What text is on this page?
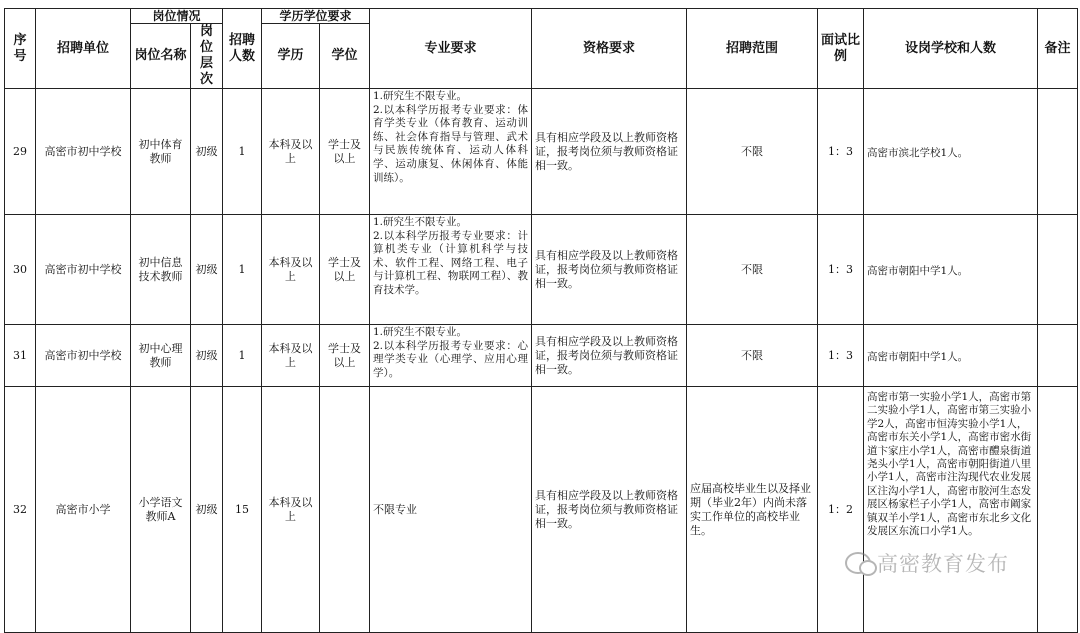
序号	招聘单位	岗位情况		招聘人数	学历学位要求		专业要求	资格要求	招聘范围	面试比例	设岗学校和人数	备注
		岗位名称	岗位层次		学历	学位						
29	高密市初中学校	初中体育教师	初级	1	本科及以上	学士及以上	1.研究生不限专业。
2.以本科学历报考专业要求：体育学类专业（体育教育、运动训练、社会体育指导与管理、武术与民族传统体育、运动人体科学、运动康复、休闲体育、体能训练）。	具有相应学段及以上教师资格证，报考岗位须与教师资格证相一致。	不限	1：3	高密市滨北学校1人。	
30	高密市初中学校	初中信息技术教师	初级	1	本科及以上	学士及以上	1.研究生不限专业。
2.以本科学历报考专业要求：计算机类专业（计算机科学与技术、软件工程、网络工程、电子与计算机工程、物联网工程）、教育技术学。	具有相应学段及以上教师资格证，报考岗位须与教师资格证相一致。	不限	1：3	高密市朝阳中学1人。	
31	高密市初中学校	初中心理教师	初级	1	本科及以上	学士及以上	1.研究生不限专业。
2.以本科学历报考专业要求：心理学类专业（心理学、应用心理学）。	具有相应学段及以上教师资格证，报考岗位须与教师资格证相一致。	不限	1：3	高密市朝阳中学1人。	
32	高密市小学	小学语文教师A	初级	15	本科及以上		不限专业	具有相应学段及以上教师资格证，报考岗位须与教师资格证相一致。	应届高校毕业生以及择业期（毕业2年）内尚未落实工作单位的高校毕业生。	1：2	高密市第一实验小学1人，高密市第二实验小学1人，高密市第三实验小学2人，高密市恒涛实验小学1人，高密市东关小学1人，高密市密水街道卞家庄小学1人，高密市醴泉街道尧头小学1人，高密市朝阳街道八里小学1人，高密市注沟现代农业发展区注沟小学1人，高密市胶河生态发展区杨家栏子小学1人，高密市阚家镇双羊小学1人，高密市东北乡文化发展区东流口小学1人。	
高密教育发布
